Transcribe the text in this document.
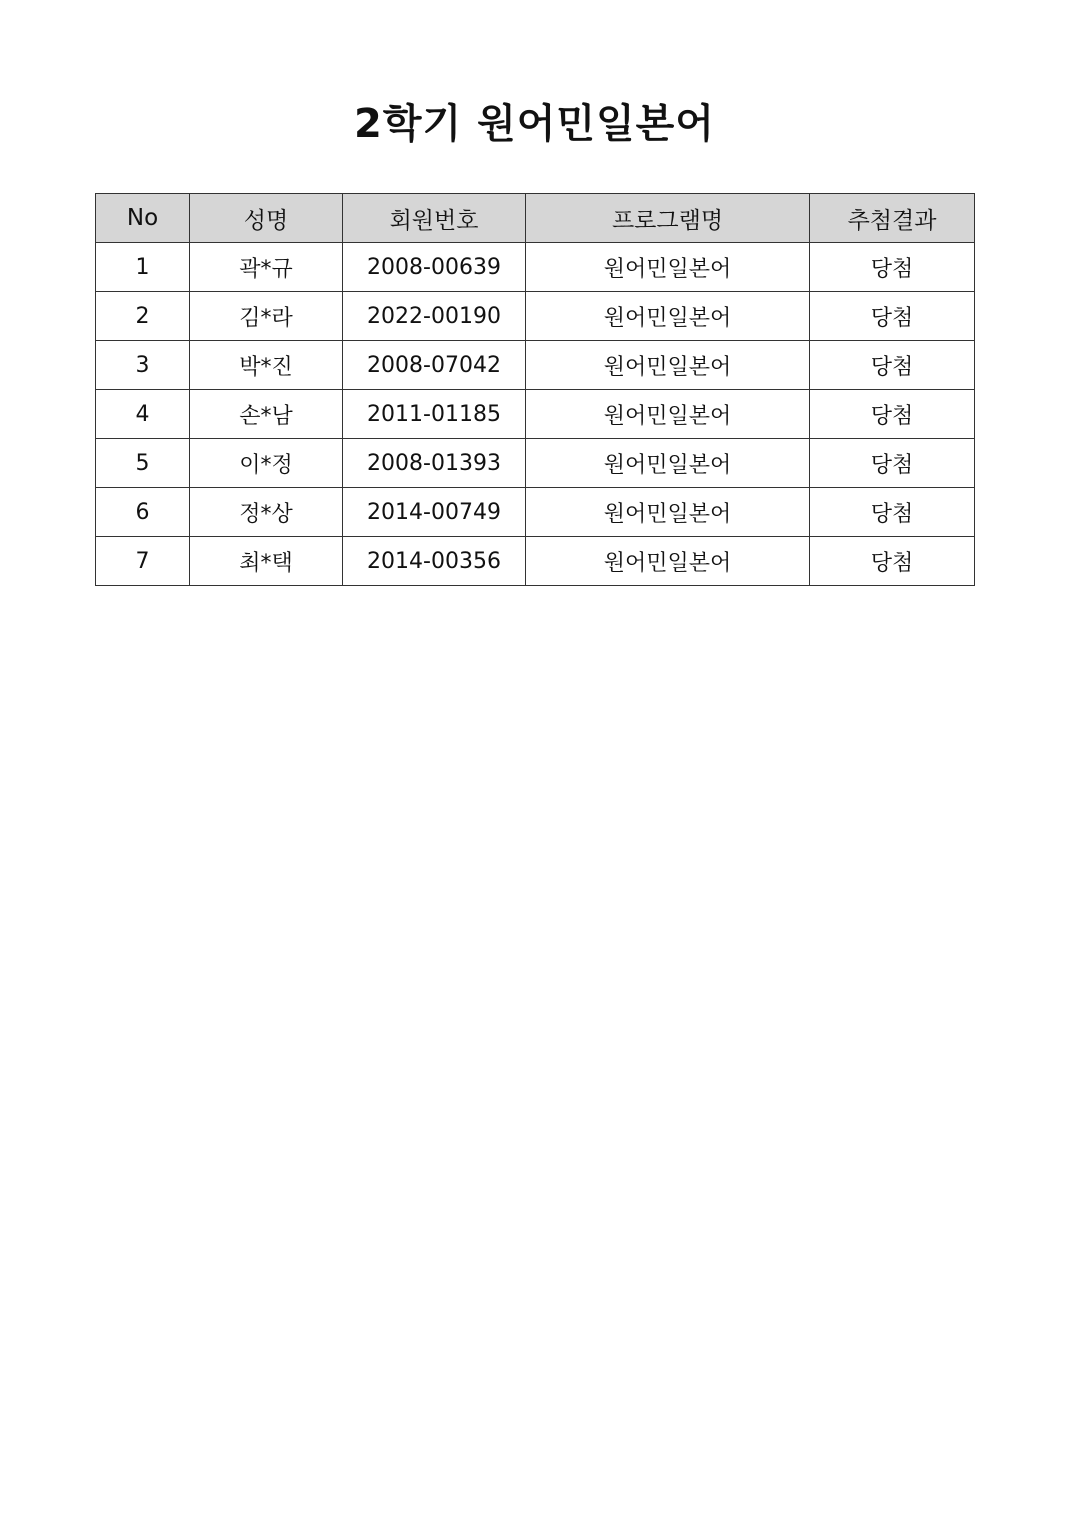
2학기 원어민일본어
No	성명	회원번호	프로그램명	추첨결과
1	곽*규	2008-00639	원어민일본어	당첨
2	김*라	2022-00190	원어민일본어	당첨
3	박*진	2008-07042	원어민일본어	당첨
4	손*남	2011-01185	원어민일본어	당첨
5	이*정	2008-01393	원어민일본어	당첨
6	정*상	2014-00749	원어민일본어	당첨
7	최*택	2014-00356	원어민일본어	당첨
